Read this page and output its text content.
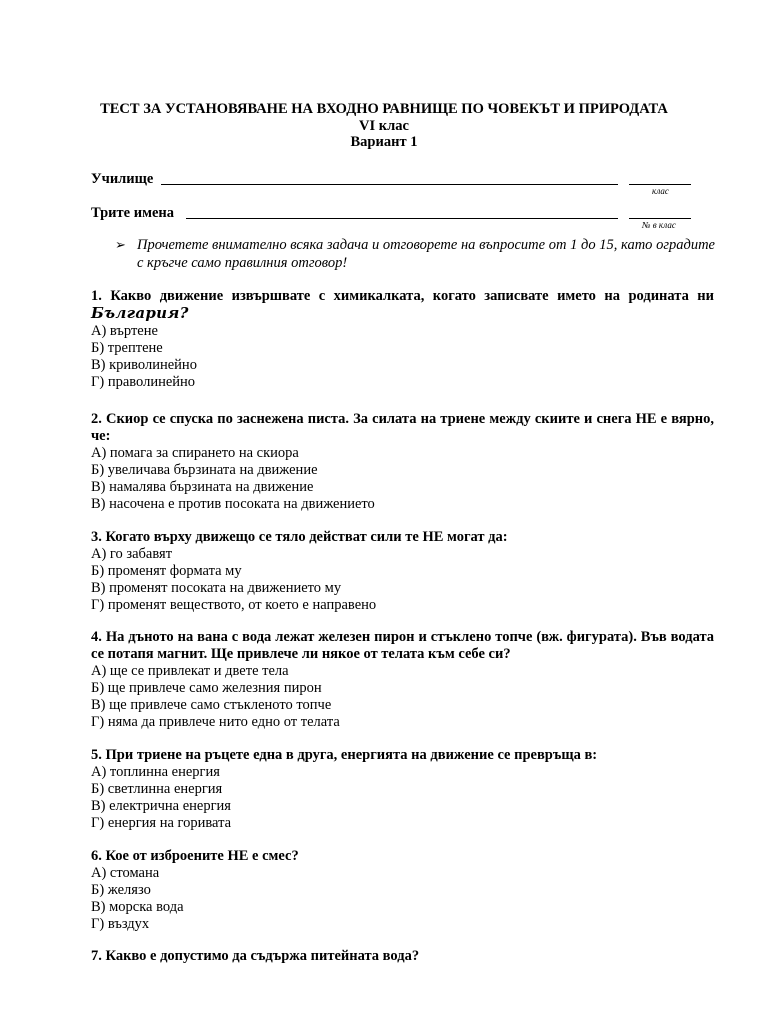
ТЕСТ ЗА УСТАНОВЯВАНЕ НА ВХОДНО РАВНИЩЕ ПО ЧОВЕКЪТ И ПРИРОДАТА
VI клас
Вариант 1
Училище
клас
Трите имена
№ в клас
➢ Прочетете внимателно всяка задача и отговорете на въпросите от 1 до 15, като оградите с кръгче само правилния отговор!
1. Какво движение извършвате с химикалката, когато записвате името на родината ни България?
А) въртене
Б) трептене
В) криволинейно
Г) праволинейно
2. Скиор се спуска по заснежена писта. За силата на триене между скиите и снега НЕ е вярно, че:
А) помага за спирането на скиора
Б) увеличава бързината на движение
В) намалява бързината на движение
В) насочена е против посоката на движението
3. Когато върху движещо се тяло действат сили те НЕ могат да:
А) го забавят
Б) променят формата му
В) променят посоката на движението му
Г) променят веществото, от което е направено
4. На дъното на вана с вода лежат железен пирон и стъклено топче (вж. фигурата). Във водата се потапя магнит. Ще привлече ли някое от телата към себе си?
А) ще се привлекат и двете тела
Б) ще привлече само железния пирон
В) ще привлече само стъкленото топче
Г) няма да привлече нито едно от телата
5. При триене на ръцете една в друга, енергията на движение се превръща в:
А) топлинна енергия
Б) светлинна енергия
В) електрична енергия
Г) енергия на горивата
6. Кое от изброените НЕ е смес?
А) стомана
Б) желязо
В) морска вода
Г) въздух
7. Какво е допустимо да съдържа питейната вода?
